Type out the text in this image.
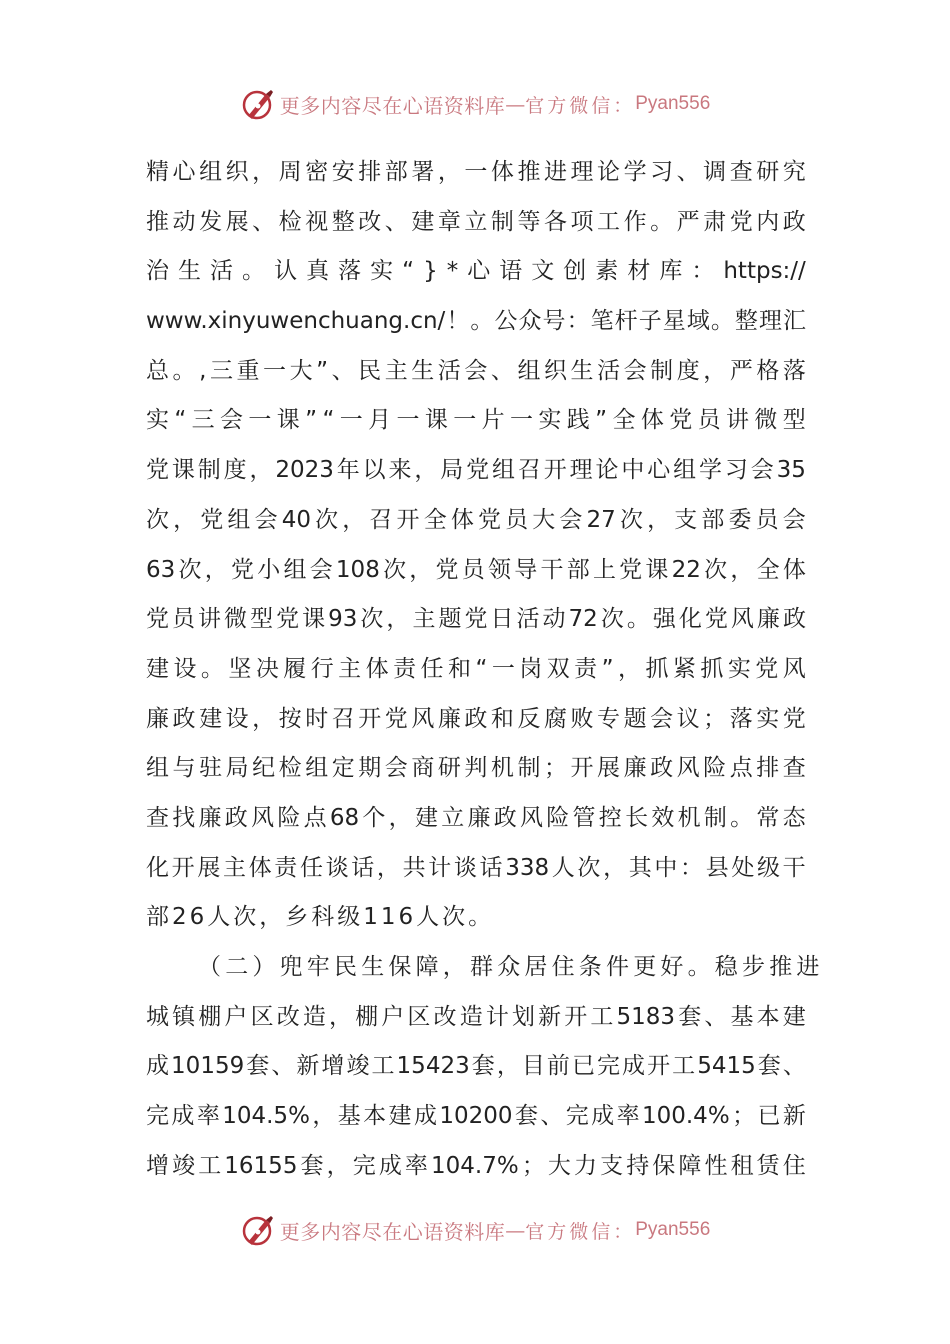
更多内容尽在心语资料库 — 官方微信： Pyan556
精 心 组 织 ， 周 密 安 排 部 署 ， 一 体 推 进 理 论 学 习 、 调 查 研 究
推 动 发 展 、 检 视 整 改 、 建 章 立 制 等 各 项 工 作 。 严 肃 党 内 政
治 生 活 。 认 真 落 实 “ } * 心 语 文 创 素 材 库 ： https://
www.xinyuwenchuang.cn/ ！ 。 公 众 号 ： 笔 杆 子 星 域 。 整 理 汇
总 。 , 三 重 一 大 ” 、 民 主 生 活 会 、 组 织 生 活 会 制 度 ， 严 格 落
实 “ 三 会 一 课 ” “ 一 月 一 课 一 片 一 实 践 ” 全 体 党 员 讲 微 型
党 课 制 度 ， 2023 年 以 来 ， 局 党 组 召 开 理 论 中 心 组 学 习 会 35
次 ， 党 组 会 40 次 ， 召 开 全 体 党 员 大 会 27 次 ， 支 部 委 员 会
63 次 ， 党 小 组 会 108 次 ， 党 员 领 导 干 部 上 党 课 22 次 ， 全 体
党 员 讲 微 型 党 课 93 次 ， 主 题 党 日 活 动 72 次 。 强 化 党 风 廉 政
建 设 。 坚 决 履 行 主 体 责 任 和 “ 一 岗 双 责 ” ， 抓 紧 抓 实 党 风
廉 政 建 设 ， 按 时 召 开 党 风 廉 政 和 反 腐 败 专 题 会 议 ； 落 实 党
组 与 驻 局 纪 检 组 定 期 会 商 研 判 机 制 ； 开 展 廉 政 风 险 点 排 查
查 找 廉 政 风 险 点 68 个 ， 建 立 廉 政 风 险 管 控 长 效 机 制 。 常 态
化 开 展 主 体 责 任 谈 话 ， 共 计 谈 话 338 人 次 ， 其 中 ： 县 处 级 干
部26人次，乡科级116人次。
（二）兜牢民生保障，群众居住条件更好。稳步推进
城 镇 棚 户 区 改 造 ， 棚 户 区 改 造 计 划 新 开 工 5183 套 、 基 本 建
成 10159 套 、 新 增 竣 工 15423 套 ， 目 前 已 完 成 开 工 5415 套 、
完 成 率 104.5% ， 基 本 建 成 10200 套 、 完 成 率 100.4% ； 已 新
增 竣 工 16155 套 ， 完 成 率 104.7% ； 大 力 支 持 保 障 性 租 赁 住
更多内容尽在心语资料库 — 官方微信： Pyan556
